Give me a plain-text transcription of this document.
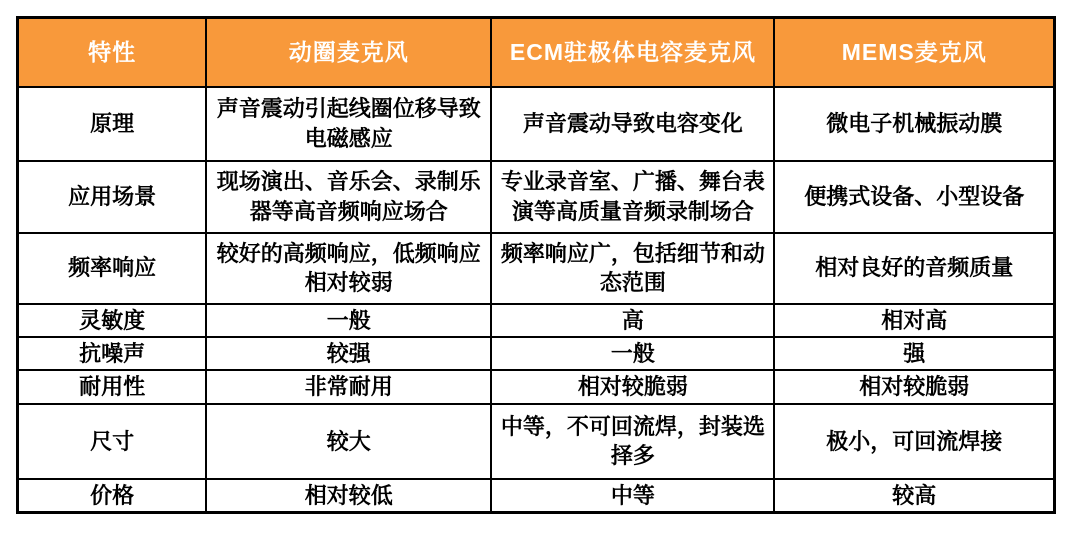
特性	动圈麦克风	ECM驻极体电容麦克风	MEMS麦克风
原理	声音震动引起线圈位移导致电磁感应	声音震动导致电容变化	微电子机械振动膜
应用场景	现场演出、音乐会、录制乐器等高音频响应场合	专业录音室、广播、舞台表演等高质量音频录制场合	便携式设备、小型设备
频率响应	较好的高频响应，低频响应相对较弱	频率响应广，包括细节和动态范围	相对良好的音频质量
灵敏度	一般	高	相对高
抗噪声	较强	一般	强
耐用性	非常耐用	相对较脆弱	相对较脆弱
尺寸	较大	中等，不可回流焊，封装选择多	极小，可回流焊接
价格	相对较低	中等	较高
